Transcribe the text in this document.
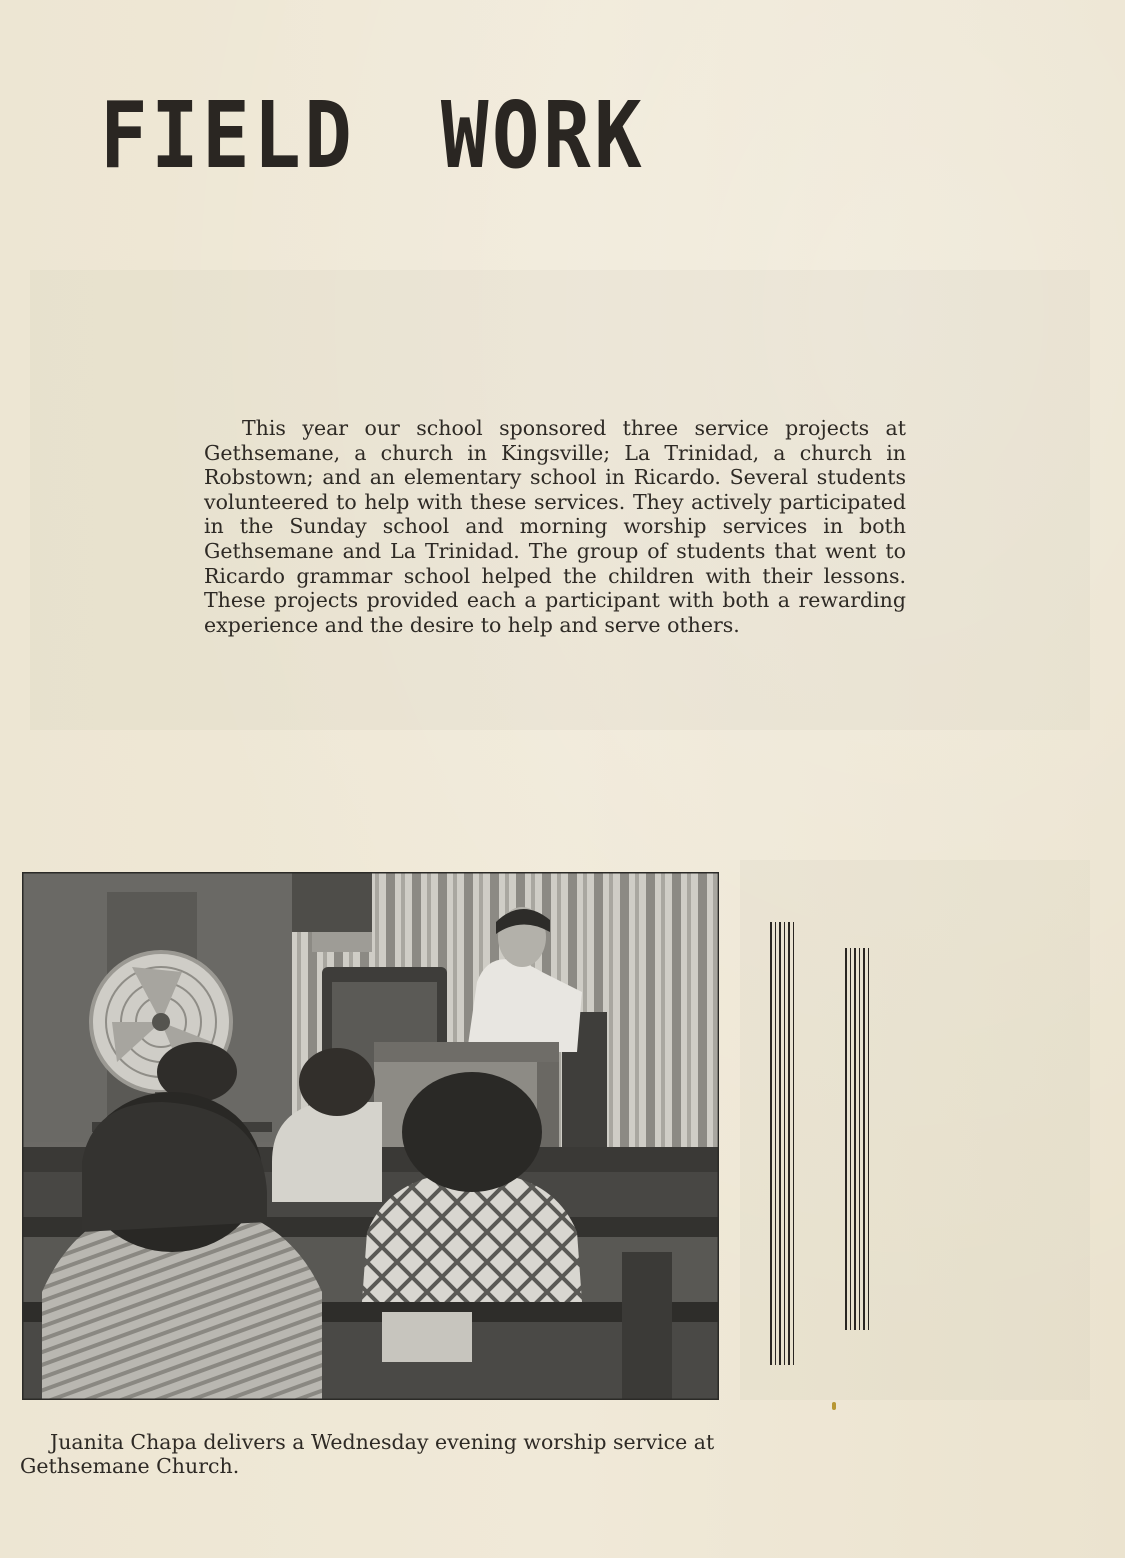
FIELD WORK
This year our school sponsored three service projects at Gethsemane, a church in Kingsville; La Trinidad, a church in Robstown; and an elementary school in Ricardo. Several students volunteered to help with these services. They actively participated in the Sunday school and morning worship services in both Gethsemane and La Trinidad. The group of students that went to Ricardo grammar school helped the children with their lessons. These projects provided each a participant with both a rewarding experience and the desire to help and serve others.
Juanita Chapa delivers a Wednesday evening worship service at Gethsemane Church.
